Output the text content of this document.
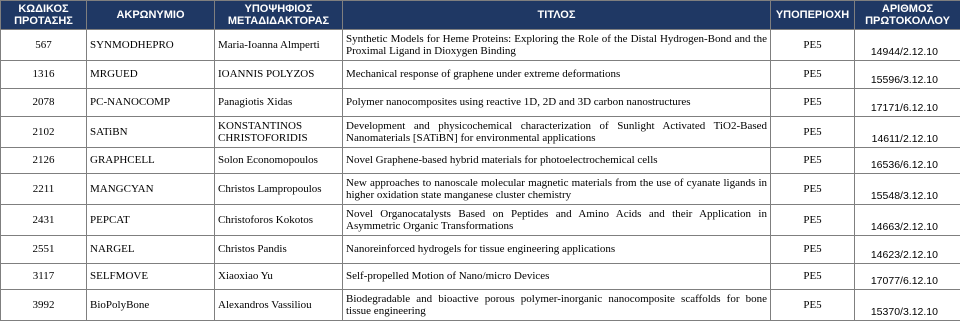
ΚΩΔΙΚΟΣ ΠΡΟΤΑΣΗΣ	ΑΚΡΩΝΥΜΙΟ	ΥΠΟΨΗΦΙΟΣ ΜΕΤΑΔΙΔΑΚΤΟΡΑΣ	ΤΙΤΛΟΣ	ΥΠΟΠΕΡΙΟΧΗ	ΑΡΙΘΜΟΣ ΠΡΩΤΟΚΟΛΛΟΥ
567	SYNMODHEPRO	Maria-Ioanna Almperti	Synthetic Models for Heme Proteins: Exploring the Role of the Distal Hydrogen-Bond and the Proximal Ligand in Dioxygen Binding	PE5	14944/2.12.10
1316	MRGUED	IOANNIS POLYZOS	Mechanical response of graphene under extreme deformations	PE5	15596/3.12.10
2078	PC-NANOCOMP	Panagiotis Xidas	Polymer nanocomposites using reactive 1D, 2D and 3D carbon nanostructures	PE5	17171/6.12.10
2102	SATiBN	KONSTANTINOS CHRISTOFORIDIS	Development and physicochemical characterization of Sunlight Activated TiO2-Based Nanomaterials [SATiBN] for environmental applications	PE5	14611/2.12.10
2126	GRAPHCELL	Solon Economopoulos	Novel Graphene-based hybrid materials for photoelectrochemical cells	PE5	16536/6.12.10
2211	MANGCYAN	Christos Lampropoulos	New approaches to nanoscale molecular magnetic materials from the use of cyanate ligands in higher oxidation state manganese cluster chemistry	PE5	15548/3.12.10
2431	PEPCAT	Christoforos Kokotos	Novel Organocatalysts Based on Peptides and Amino Acids and their Application in Asymmetric Organic Transformations	PE5	14663/2.12.10
2551	NARGEL	Christos Pandis	Nanoreinforced hydrogels for tissue engineering applications	PE5	14623/2.12.10
3117	SELFMOVE	Xiaoxiao Yu	Self-propelled Motion of Nano/micro Devices	PE5	17077/6.12.10
3992	BioPolyBone	Alexandros Vassiliou	Biodegradable and bioactive porous polymer-inorganic nanocomposite scaffolds for bone tissue engineering	PE5	15370/3.12.10
